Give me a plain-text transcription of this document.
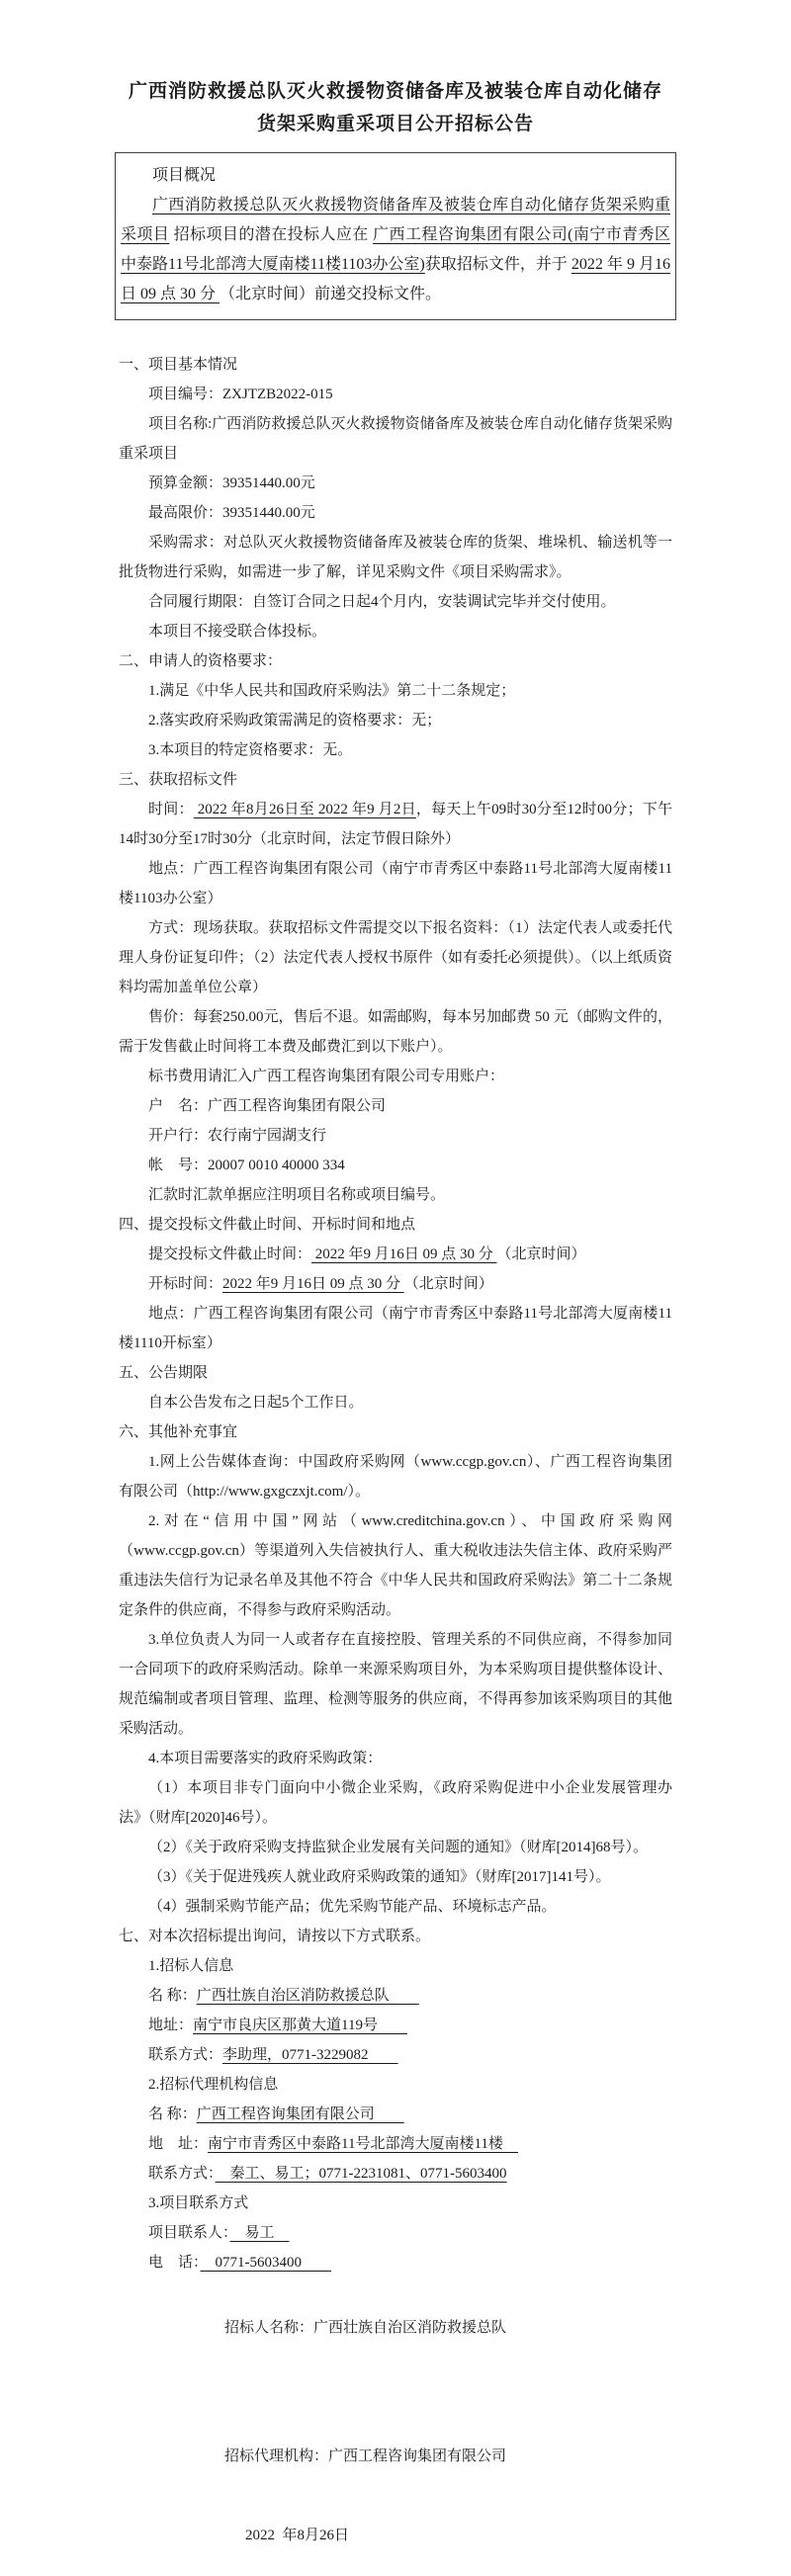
广西消防救援总队灭火救援物资储备库及被装仓库自动化储存
货架采购重采项目公开招标公告

项目概况

广西消防救援总队灭火救援物资储备库及被装仓库自动化储存货架采购重采项目 招标项目的潜在投标人应在 广西工程咨询集团有限公司(南宁市青秀区中泰路11号北部湾大厦南楼11楼1103办公室)获取招标文件，并于 2022 年 9 月16日 09 点 30 分 （北京时间）前递交投标文件。

一、项目基本情况

项目编号：ZXJTZB2022-015

项目名称:广西消防救援总队灭火救援物资储备库及被装仓库自动化储存货架采购重采项目

预算金额：39351440.00元

最高限价：39351440.00元

采购需求：对总队灭火救援物资储备库及被装仓库的货架、堆垛机、输送机等一批货物进行采购，如需进一步了解，详见采购文件《项目采购需求》。

合同履行期限：自签订合同之日起4个月内，安装调试完毕并交付使用。

本项目不接受联合体投标。

二、申请人的资格要求：

1.满足《中华人民共和国政府采购法》第二十二条规定；

2.落实政府采购政策需满足的资格要求：无；

3.本项目的特定资格要求：无。

三、获取招标文件

时间： 2022 年8月26日至 2022 年9 月2日，每天上午09时30分至12时00分；下午14时30分至17时30分（北京时间，法定节假日除外）

地点：广西工程咨询集团有限公司（南宁市青秀区中泰路11号北部湾大厦南楼11楼1103办公室）

方式：现场获取。获取招标文件需提交以下报名资料：（1）法定代表人或委托代理人身份证复印件；（2）法定代表人授权书原件（如有委托必须提供）。（以上纸质资料均需加盖单位公章）

售价：每套250.00元，售后不退。如需邮购，每本另加邮费 50 元（邮购文件的，需于发售截止时间将工本费及邮费汇到以下账户）。

标书费用请汇入广西工程咨询集团有限公司专用账户：

户　名：广西工程咨询集团有限公司

开户行：农行南宁园湖支行

帐　号：20007 0010 40000 334

汇款时汇款单据应注明项目名称或项目编号。

四、提交投标文件截止时间、开标时间和地点

提交投标文件截止时间： 2022 年9 月16日 09 点 30 分 （北京时间）

开标时间：2022 年9 月16日 09 点 30 分 （北京时间）

地点：广西工程咨询集团有限公司（南宁市青秀区中泰路11号北部湾大厦南楼11楼1110开标室）

五、公告期限

自本公告发布之日起5个工作日。

六、其他补充事宜

1.网上公告媒体查询：中国政府采购网（www.ccgp.gov.cn）、广西工程咨询集团有限公司（http://www.gxgczxjt.com/）。

2.对在“信用中国”网站（www.creditchina.gov.cn）、中国政府采购网（www.ccgp.gov.cn）等渠道列入失信被执行人、重大税收违法失信主体、政府采购严重违法失信行为记录名单及其他不符合《中华人民共和国政府采购法》第二十二条规定条件的供应商，不得参与政府采购活动。

3.单位负责人为同一人或者存在直接控股、管理关系的不同供应商，不得参加同一合同项下的政府采购活动。除单一来源采购项目外，为本采购项目提供整体设计、规范编制或者项目管理、监理、检测等服务的供应商，不得再参加该采购项目的其他采购活动。

4.本项目需要落实的政府采购政策：

（1）本项目非专门面向中小微企业采购，《政府采购促进中小企业发展管理办法》（财库[2020]46号）。

（2）《关于政府采购支持监狱企业发展有关问题的通知》（财库[2014]68号）。

（3）《关于促进残疾人就业政府采购政策的通知》（财库[2017]141号）。

（4）强制采购节能产品；优先采购节能产品、环境标志产品。

七、对本次招标提出询问，请按以下方式联系。

1.招标人信息

名 称：广西壮族自治区消防救援总队　　

地址：南宁市良庆区那黄大道119号　　

联系方式：李助理，0771-3229082　　

2.招标代理机构信息

名 称：广西工程咨询集团有限公司　　

地　址：南宁市青秀区中泰路11号北部湾大厦南楼11楼　

联系方式：　秦工、易工；0771-2231081、0771-5603400

3.项目联系方式

项目联系人：　易工　

电　话：　0771-5603400　　

招标人名称：广西壮族自治区消防救援总队
招标代理机构：广西工程咨询集团有限公司
2022  年8月26日
